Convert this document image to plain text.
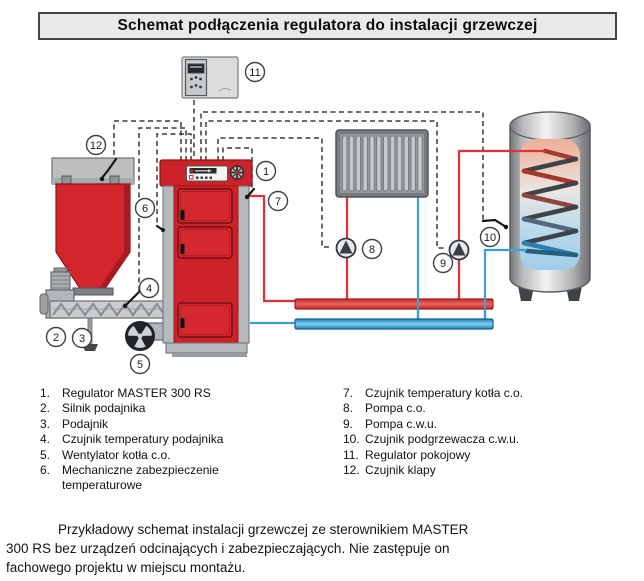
Schemat podłączenia regulatora do instalacji grzewczej
1
2 3
4
5
6
7
8
9
10
11
12
1. Regulator MASTER 300 RS
2. Silnik podajnika
3. Podajnik
4. Czujnik temperatury podajnika
5. Wentylator kotła c.o.
6. Mechaniczne zabezpieczenie temperaturowe
7. Czujnik temperatury kotła c.o.
8. Pompa c.o.
9. Pompa c.w.u.
10. Czujnik podgrzewacza c.w.u.
11. Regulator pokojowy
12. Czujnik klapy
Przykładowy schemat instalacji grzewczej ze sterownikiem MASTER
300 RS bez urządzeń odcinających i zabezpieczających. Nie zastępuje on
fachowego projektu w miejscu montażu.
